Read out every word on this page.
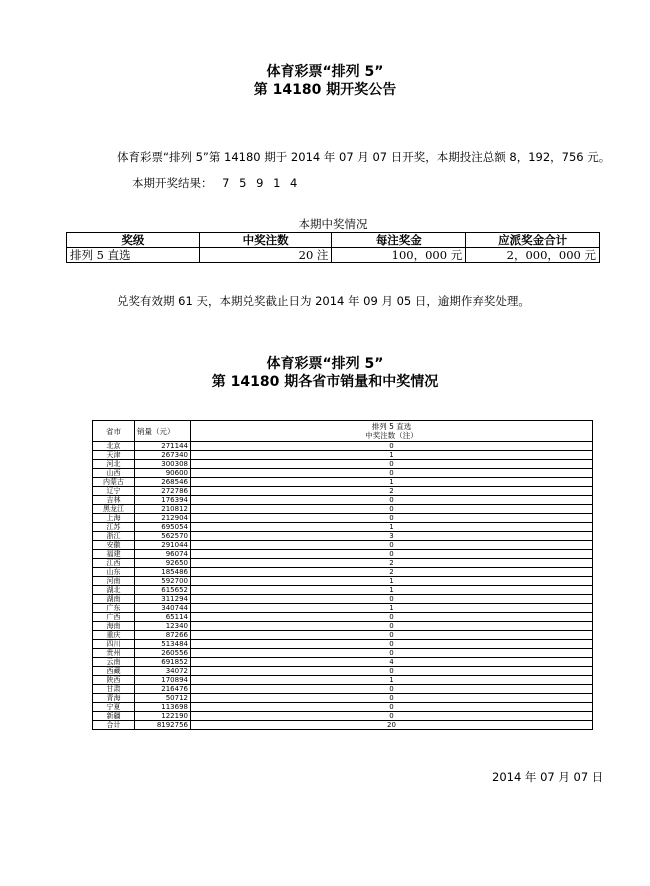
体育彩票“排列 5”
第 14180 期开奖公告
体育彩票“排列 5”第 14180 期于 2014 年 07 月 07 日开奖，本期投注总额 8，192，756 元。
本期开奖结果： 7 5 9 1 4
本期中奖情况
奖级	中奖注数	每注奖金	应派奖金合计
排列 5 直选	20 注	100，000 元	2，000，000 元
兑奖有效期 61 天，本期兑奖截止日为 2014 年 09 月 05 日，逾期作弃奖处理。
体育彩票“排列 5”
第 14180 期各省市销量和中奖情况
省市	销量（元）	排列 5 直选
中奖注数（注）

北京	271144	0
天津	267340	1
河北	300308	0
山西	90600	0
内蒙古	268546	1
辽宁	272786	2
吉林	176394	0
黑龙江	210812	0
上海	212904	0
江苏	695054	1
浙江	562570	3
安徽	291044	0
福建	96074	0
江西	92650	2
山东	185486	2
河南	592700	1
湖北	615652	1
湖南	311294	0
广东	340744	1
广西	65114	0
海南	12340	0
重庆	87266	0
四川	513484	0
贵州	260556	0
云南	691852	4
西藏	34072	0
陕西	170894	1
甘肃	216476	0
青海	50712	0
宁夏	113698	0
新疆	122190	0
合计	8192756	20
2014 年 07 月 07 日
